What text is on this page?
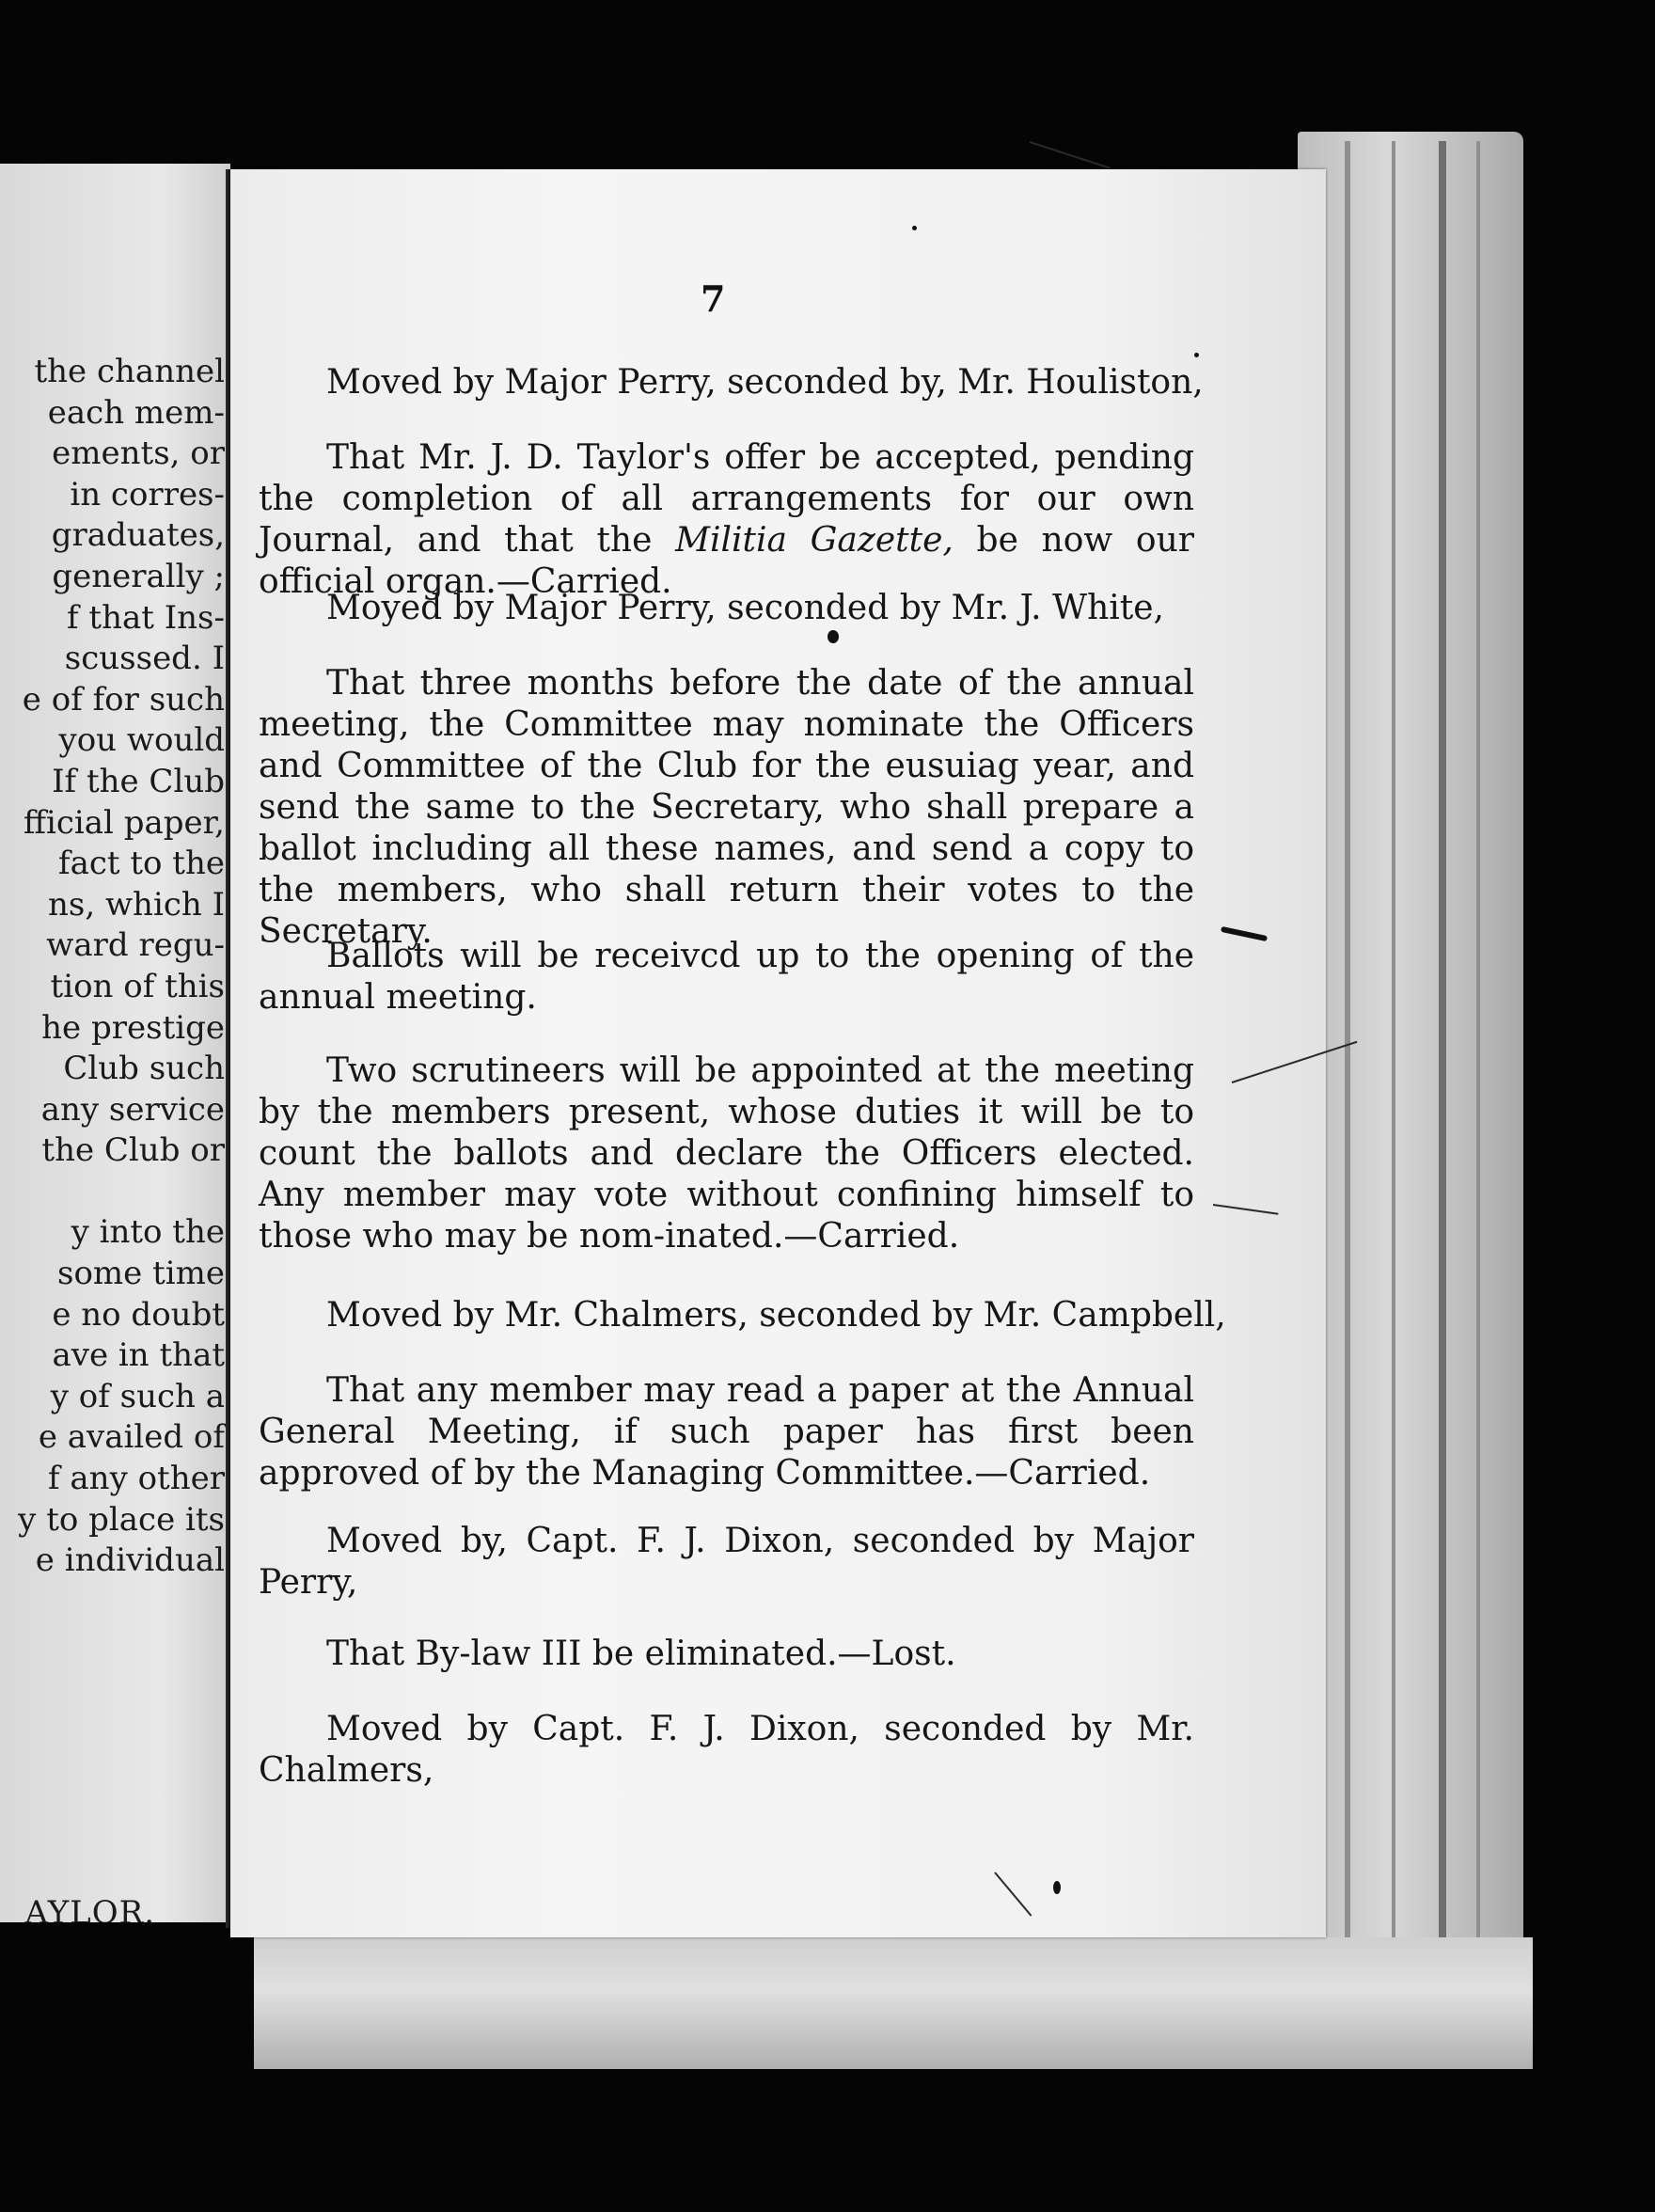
the channel
each mem-
ements, or
in corres-
graduates,
generally ;
f that Ins-
scussed. I
e of for such
you would
If the Club
fficial paper,
fact to the
ns, which I
ward regu-
tion of this
he prestige
Club such
any service
the Club or
y into the
some time
e no doubt
ave in that
y of such a
e availed of
f any other
y to place its
e individual
AYLOR.
7
Moved by Major Perry, seconded by, Mr. Houliston,
That Mr. J. D. Taylor's offer be accepted, pending the completion of all arrangements for our own Journal, and that the Militia Gazette, be now our official organ.—Carried.
Moyed by Major Perry, seconded by Mr. J. White,
That three months before the date of the annual meeting, the Committee may nominate the Officers and Committee of the Club for the eusuiag year, and send the same to the Secretary, who shall prepare a ballot including all these names, and send a copy to the members, who shall return their votes to the Secretary.
Ballots will be receivcd up to the opening of the annual meeting.
Two scrutineers will be appointed at the meeting by the members present, whose duties it will be to count the ballots and declare the Officers elected. Any member may vote without confining himself to those who may be nom-inated.—Carried.
Moved by Mr. Chalmers, seconded by Mr. Campbell,
That any member may read a paper at the Annual General Meeting, if such paper has first been approved of by the Managing Committee.—Carried.
Moved by, Capt. F. J. Dixon, seconded by Major Perry,
That By-law III be eliminated.—Lost.
Moved by Capt. F. J. Dixon, seconded by Mr. Chalmers,
